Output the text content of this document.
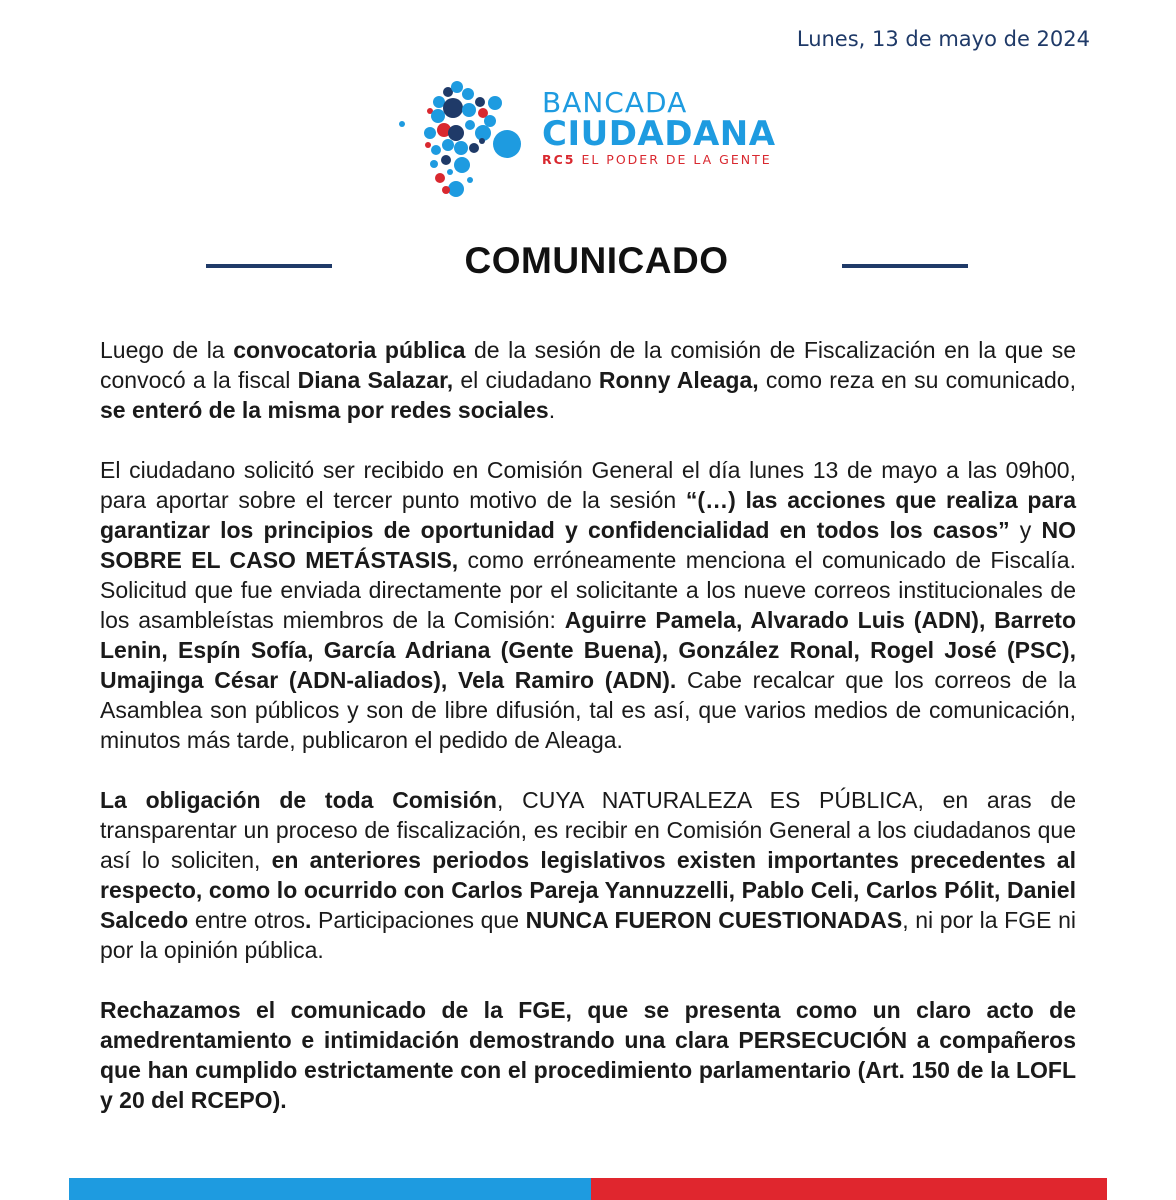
Lunes, 13 de mayo de 2024
BANCADA
CIUDADANA
RC5 EL PODER DE LA GENTE
COMUNICADO

Luego de la convocatoria pública de la sesión de la comisión de Fiscalización en la que se convocó a la fiscal Diana Salazar, el ciudadano Ronny Aleaga, como reza en su comunicado, se enteró de la misma por redes sociales.

El ciudadano solicitó ser recibido en Comisión General el día lunes 13 de mayo a las 09h00, para aportar sobre el tercer punto motivo de la sesión “(…) las acciones que realiza para garantizar los principios de oportunidad y confidencialidad en todos los casos” y NO SOBRE EL CASO METÁSTASIS, como erróneamente menciona el comunicado de Fiscalía. Solicitud que fue enviada directamente por el solicitante a los nueve correos institucionales de los asambleístas miembros de la Comisión: Aguirre Pamela, Alvarado Luis (ADN), Barreto Lenin, Espín Sofía, García Adriana (Gente Buena), González Ronal, Rogel José (PSC), Umajinga César (ADN-aliados), Vela Ramiro (ADN). Cabe recalcar que los correos de la Asamblea son públicos y son de libre difusión, tal es así, que varios medios de comunicación, minutos más tarde, publicaron el pedido de Aleaga.

La obligación de toda Comisión, CUYA NATURALEZA ES PÚBLICA, en aras de transparentar un proceso de fiscalización, es recibir en Comisión General a los ciudadanos que así lo soliciten, en anteriores periodos legislativos existen importantes precedentes al respecto, como lo ocurrido con Carlos Pareja Yannuzzelli, Pablo Celi, Carlos Pólit, Daniel Salcedo entre otros. Participaciones que NUNCA FUERON CUESTIONADAS, ni por la FGE ni por la opinión pública.

Rechazamos el comunicado de la FGE, que se presenta como un claro acto de amedrentamiento e intimidación demostrando una clara PERSECUCIÓN a compañeros que han cumplido estrictamente con el procedimiento parlamentario (Art. 150 de la LOFL y 20 del RCEPO).
